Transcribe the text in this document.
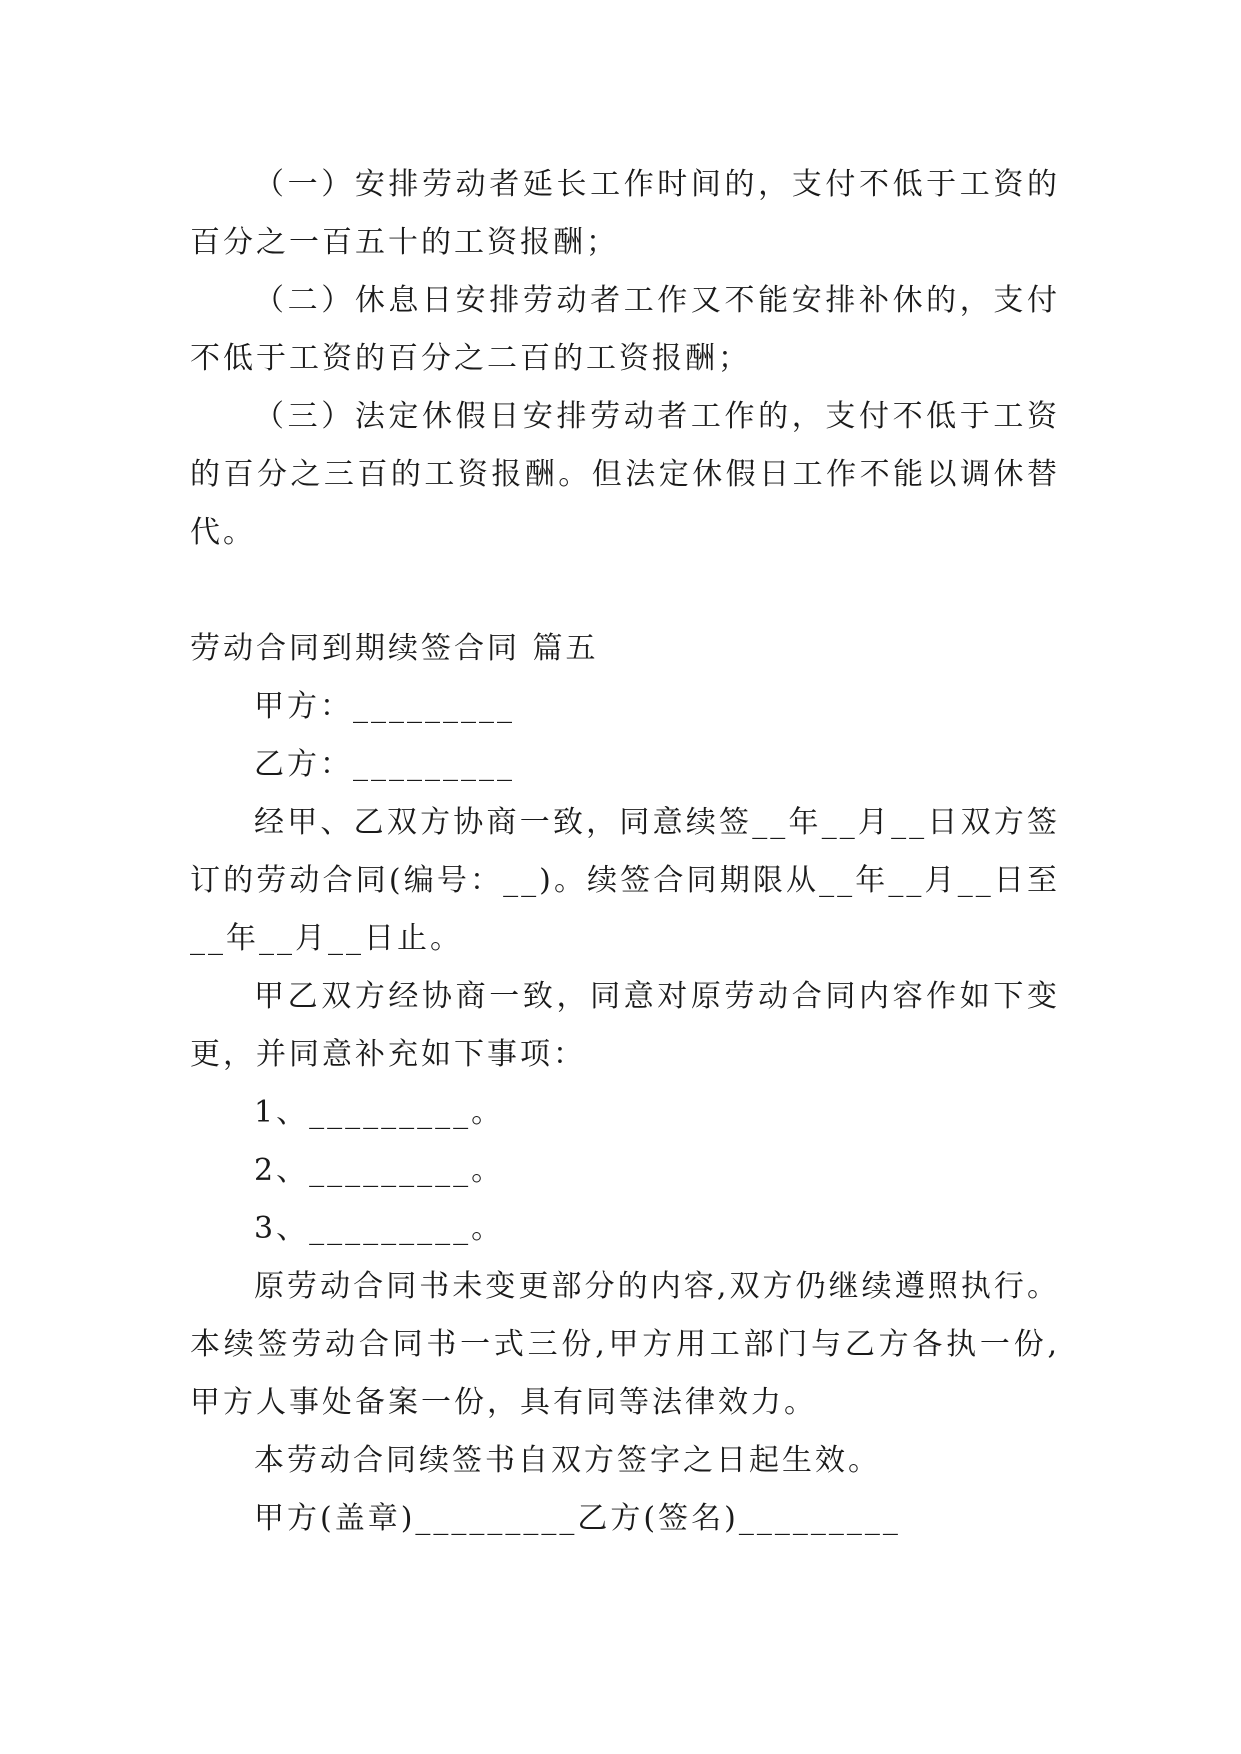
（一）安排劳动者延长工作时间的，支付不低于工资的百分之一百五十的工资报酬；

（二）休息日安排劳动者工作又不能安排补休的，支付不低于工资的百分之二百的工资报酬；

（三）法定休假日安排劳动者工作的，支付不低于工资的百分之三百的工资报酬。但法定休假日工作不能以调休替代。

劳动合同到期续签合同 篇五

甲方：_________

乙方：_________

经甲、乙双方协商一致，同意续签__年__月__日双方签订的劳动合同(编号：__)。续签合同期限从__年__月__日至__年__月__日止。

甲乙双方经协商一致，同意对原劳动合同内容作如下变更，并同意补充如下事项：

1、_________。

2、_________。

3、_________。

原劳动合同书未变更部分的内容,双方仍继续遵照执行。本续签劳动合同书一式三份,甲方用工部门与乙方各执一份,甲方人事处备案一份，具有同等法律效力。

本劳动合同续签书自双方签字之日起生效。

甲方(盖章)_________乙方(签名)_________
